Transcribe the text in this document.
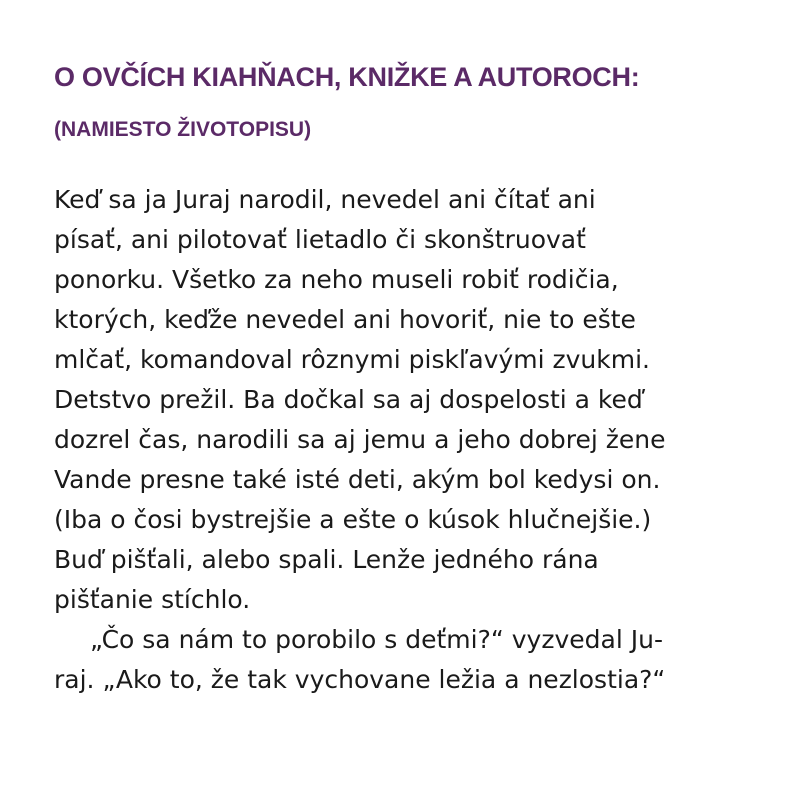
O OVČÍCH KIAHŇACH, KNIŽKE A AUTOROCH:
(NAMIESTO ŽIVOTOPISU)
Keď sa ja Juraj narodil, nevedel ani čítať ani
písať, ani pilotovať lietadlo či skonštruovať
ponorku. Všetko za neho museli robiť rodičia,
ktorých, keďže nevedel ani hovoriť, nie to ešte
mlčať, komandoval rôznymi piskľavými zvukmi.
Detstvo prežil. Ba dočkal sa aj dospelosti a keď
dozrel čas, narodili sa aj jemu a jeho dobrej žene
Vande presne také isté deti, akým bol kedysi on.
(Iba o čosi bystrejšie a ešte o kúsok hlučnejšie.)
Buď pišťali, alebo spali. Lenže jedného rána
pišťanie stíchlo.
„Čo sa nám to porobilo s deťmi?“ vyzvedal Ju-
raj. „Ako to, že tak vychovane ležia a nezlostia?“
